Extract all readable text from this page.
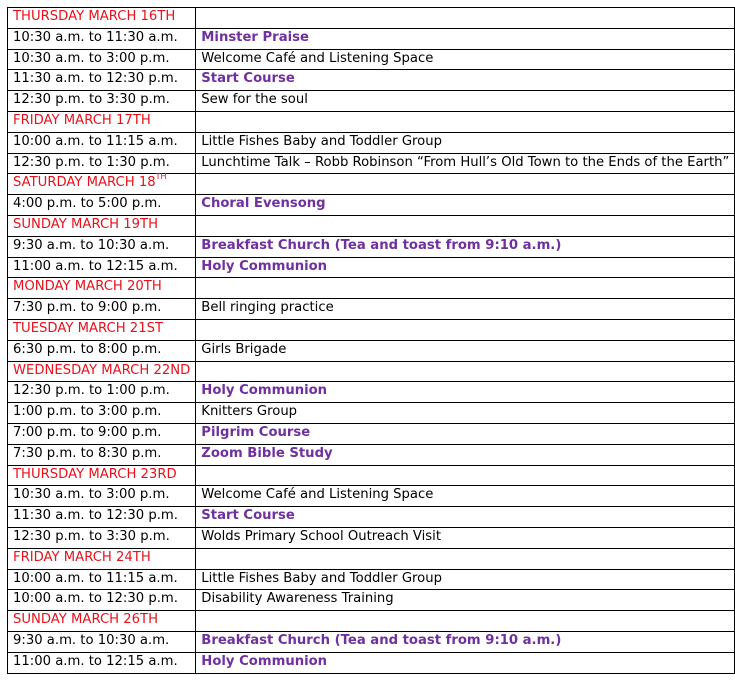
THURSDAY MARCH 16TH	
10:30 a.m. to 11:30 a.m.	Minster Praise
10:30 a.m. to 3:00 p.m.	Welcome Café and Listening Space
11:30 a.m. to 12:30 p.m.	Start Course
12:30 p.m. to 3:30 p.m.	Sew for the soul
FRIDAY MARCH 17TH	
10:00 a.m. to 11:15 a.m.	Little Fishes Baby and Toddler Group
12:30 p.m. to 1:30 p.m.	Lunchtime Talk – Robb Robinson “From Hull’s Old Town to the Ends of the Earth”
SATURDAY MARCH 18TH	
4:00 p.m. to 5:00 p.m.	Choral Evensong
SUNDAY MARCH 19TH	
9:30 a.m. to 10:30 a.m.	Breakfast Church (Tea and toast from 9:10 a.m.)
11:00 a.m. to 12:15 a.m.	Holy Communion
MONDAY MARCH 20TH	
7:30 p.m. to 9:00 p.m.	Bell ringing practice
TUESDAY MARCH 21ST	
6:30 p.m. to 8:00 p.m.	Girls Brigade
WEDNESDAY MARCH 22ND	
12:30 p.m. to 1:00 p.m.	Holy Communion
1:00 p.m. to 3:00 p.m.	Knitters Group
7:00 p.m. to 9:00 p.m.	Pilgrim Course
7:30 p.m. to 8:30 p.m.	Zoom Bible Study
THURSDAY MARCH 23RD	
10:30 a.m. to 3:00 p.m.	Welcome Café and Listening Space
11:30 a.m. to 12:30 p.m.	Start Course
12:30 p.m. to 3:30 p.m.	Wolds Primary School Outreach Visit
FRIDAY MARCH 24TH	
10:00 a.m. to 11:15 a.m.	Little Fishes Baby and Toddler Group
10:00 a.m. to 12:30 p.m.	Disability Awareness Training
SUNDAY MARCH 26TH	
9:30 a.m. to 10:30 a.m.	Breakfast Church (Tea and toast from 9:10 a.m.)
11:00 a.m. to 12:15 a.m.	Holy Communion
